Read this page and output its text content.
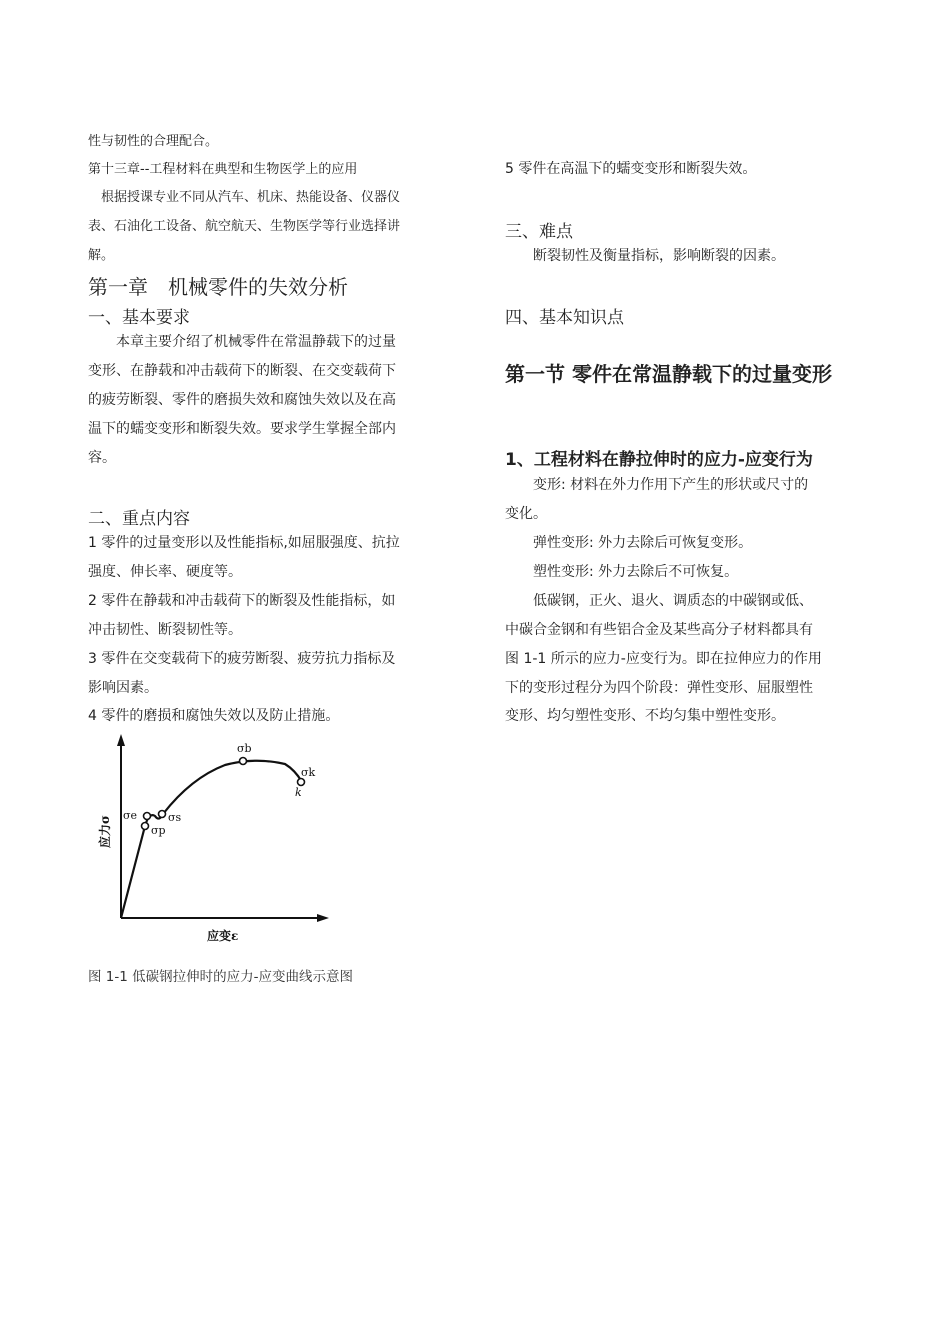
性与韧性的合理配合。
第十三章--工程材料在典型和生物医学上的应用
　根据授课专业不同从汽车、机床、热能设备、仪器仪
表、石油化工设备、航空航天、生物医学等行业选择讲
解。
第一章　机械零件的失效分析
一、基本要求
　　本章主要介绍了机械零件在常温静载下的过量
变形、在静载和冲击载荷下的断裂、在交变载荷下
的疲劳断裂、零件的磨损失效和腐蚀失效以及在高
温下的蠕变变形和断裂失效。要求学生掌握全部内
容。
二、重点内容
1 零件的过量变形以及性能指标,如屈服强度、抗拉
强度、伸长率、硬度等。
2 零件在静载和冲击载荷下的断裂及性能指标，如
冲击韧性、断裂韧性等。
3 零件在交变载荷下的疲劳断裂、疲劳抗力指标及
影响因素。
4 零件的磨损和腐蚀失效以及防止措施。
σe
σp
σs
σb
σk
k
应力σ
应变ε
图 1-1 低碳钢拉伸时的应力-应变曲线示意图
5 零件在高温下的蠕变变形和断裂失效。
三、难点
　　断裂韧性及衡量指标，影响断裂的因素。
四、基本知识点
第一节 零件在常温静载下的过量变形
1、工程材料在静拉伸时的应力-应变行为
　　变形: 材料在外力作用下产生的形状或尺寸的
变化。
　　弹性变形: 外力去除后可恢复变形。
　　塑性变形: 外力去除后不可恢复。
　　低碳钢，正火、退火、调质态的中碳钢或低、
中碳合金钢和有些铝合金及某些高分子材料都具有
图 1-1 所示的应力-应变行为。即在拉伸应力的作用
下的变形过程分为四个阶段：弹性变形、屈服塑性
变形、均匀塑性变形、不均匀集中塑性变形。
